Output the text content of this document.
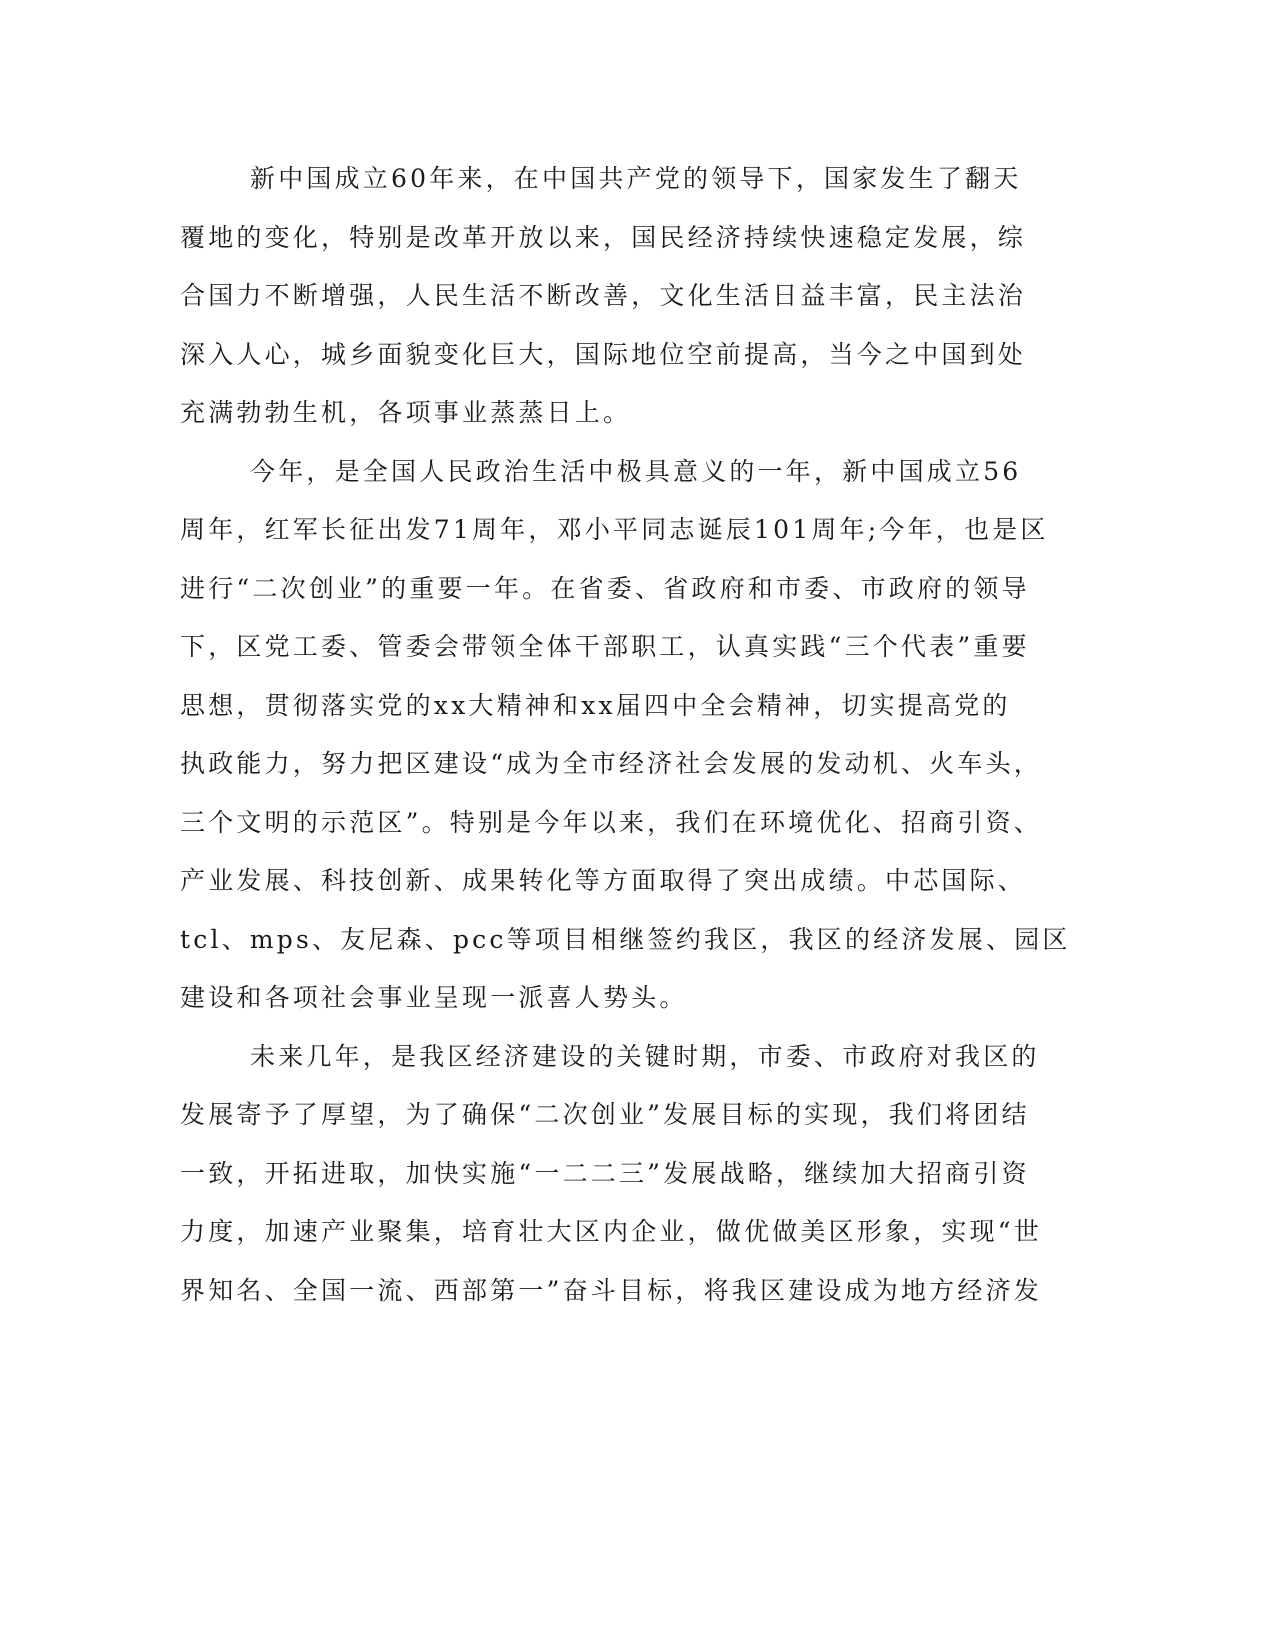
新中国成立60年来，在中国共产党的领导下，国家发生了翻天
覆地的变化，特别是改革开放以来，国民经济持续快速稳定发展，综
合国力不断增强，人民生活不断改善，文化生活日益丰富，民主法治
深入人心，城乡面貌变化巨大，国际地位空前提高，当今之中国到处
充满勃勃生机，各项事业蒸蒸日上。
今年，是全国人民政治生活中极具意义的一年，新中国成立56
周年，红军长征出发71周年，邓小平同志诞辰101周年;今年，也是区
进行“二次创业”的重要一年。在省委、省政府和市委、市政府的领导
下，区党工委、管委会带领全体干部职工，认真实践“三个代表”重要
思想，贯彻落实党的xx大精神和xx届四中全会精神，切实提高党的
执政能力，努力把区建设“成为全市经济社会发展的发动机、火车头，
三个文明的示范区”。特别是今年以来，我们在环境优化、招商引资、
产业发展、科技创新、成果转化等方面取得了突出成绩。中芯国际、
tcl、mps、友尼森、pcc等项目相继签约我区，我区的经济发展、园区
建设和各项社会事业呈现一派喜人势头。
未来几年，是我区经济建设的关键时期，市委、市政府对我区的
发展寄予了厚望，为了确保“二次创业”发展目标的实现，我们将团结
一致，开拓进取，加快实施“一二二三”发展战略，继续加大招商引资
力度，加速产业聚集，培育壮大区内企业，做优做美区形象，实现“世
界知名、全国一流、西部第一”奋斗目标，将我区建设成为地方经济发
